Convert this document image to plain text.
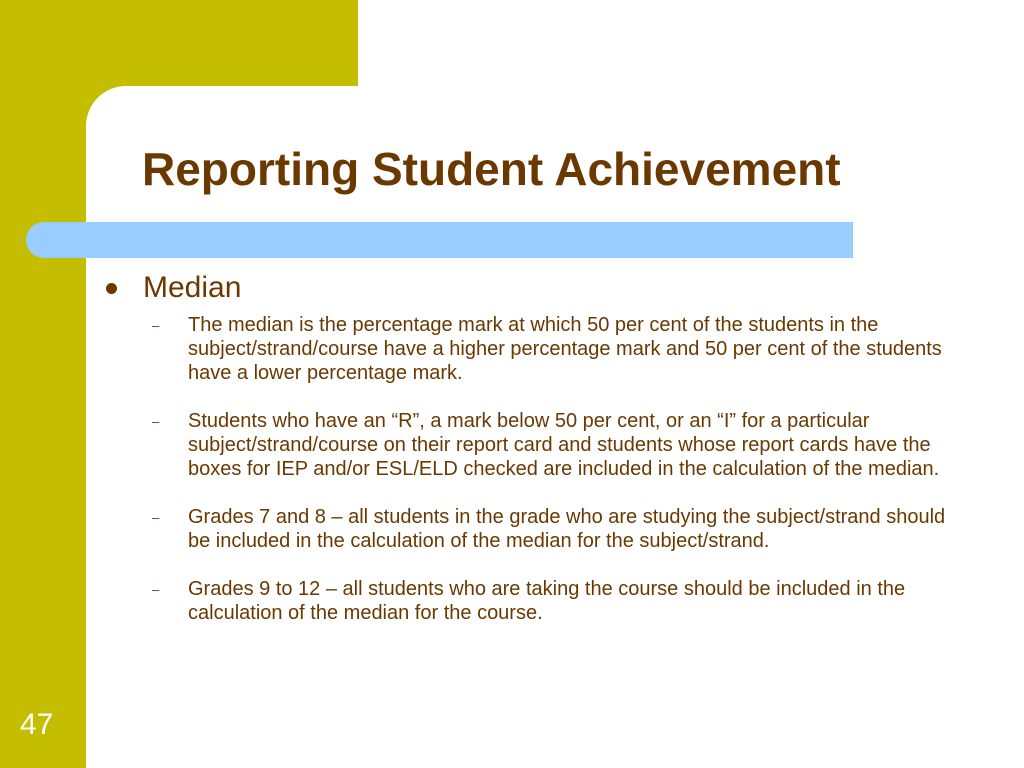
Reporting Student Achievement
Median
–	The median is the percentage mark at which 50 per cent of the students in the subject/strand/course have a higher percentage mark and 50 per cent of the students have a lower percentage mark.
–	Students who have an “R”, a mark below 50 per cent, or an “I” for a particular subject/strand/course on their report card and students whose report cards have the boxes for IEP and/or ESL/ELD checked are included in the calculation of the median.
–	Grades 7 and 8 – all students in the grade who are studying the subject/strand should be included in the calculation of the median for the subject/strand.
–	Grades 9 to 12 – all students who are taking the course should be included in the calculation of the median for the course.
47
